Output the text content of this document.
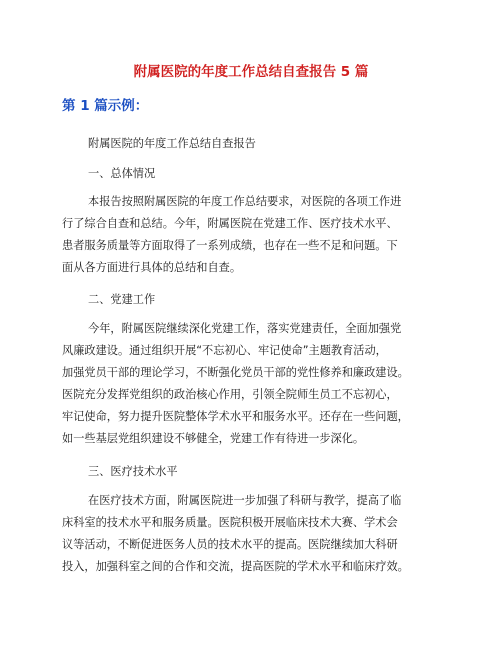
附属医院的年度工作总结自查报告 5 篇
第 1 篇示例：
附属医院的年度工作总结自查报告
一、总体情况
本报告按照附属医院的年度工作总结要求，对医院的各项工作进
行了综合自查和总结。今年，附属医院在党建工作、医疗技术水平、
患者服务质量等方面取得了一系列成绩，也存在一些不足和问题。下
面从各方面进行具体的总结和自查。
二、党建工作
今年，附属医院继续深化党建工作，落实党建责任，全面加强党
风廉政建设。通过组织开展“不忘初心、牢记使命”主题教育活动，
加强党员干部的理论学习，不断强化党员干部的党性修养和廉政建设。
医院充分发挥党组织的政治核心作用，引领全院师生员工不忘初心，
牢记使命，努力提升医院整体学术水平和服务水平。还存在一些问题，
如一些基层党组织建设不够健全，党建工作有待进一步深化。
三、医疗技术水平
在医疗技术方面，附属医院进一步加强了科研与教学，提高了临
床科室的技术水平和服务质量。医院积极开展临床技术大赛、学术会
议等活动，不断促进医务人员的技术水平的提高。医院继续加大科研
投入，加强科室之间的合作和交流，提高医院的学术水平和临床疗效。
